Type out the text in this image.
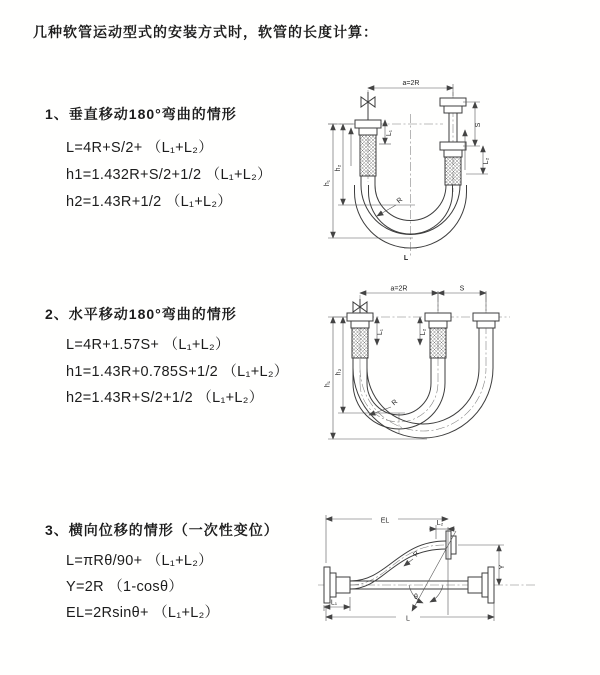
几种软管运动型式的安装方式时，软管的长度计算：
1、垂直移动180°弯曲的情形
L=4R+S/2+ （L₁+L₂）
h1=1.432R+S/2+1/2 （L₁+L₂）
h2=1.43R+1/2 （L₁+L₂）
a=2R
h₁
h₂
L₁
S
L₂
R
L
2、水平移动180°弯曲的情形
L=4R+1.57S+ （L₁+L₂）
h1=1.43R+0.785S+1/2 （L₁+L₂）
h2=1.43R+S/2+1/2 （L₁+L₂）
a=2R	S
L₁	L₂
h₁
h₂
R
3、横向位移的情形（一次性变位）
L=πRθ/90+ （L₁+L₂）
Y=2R （1-cosθ）
EL=2Rsinθ+ （L₁+L₂）
EL	L₂
Y
θ
R
L₁
L
